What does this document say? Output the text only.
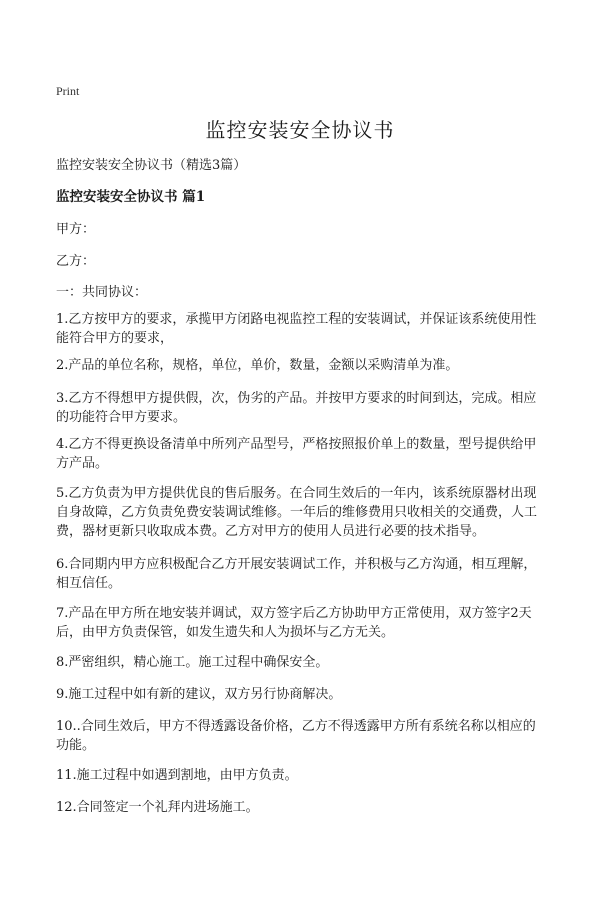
Print
监控安装安全协议书
监控安装安全协议书（精选3篇）
监控安装安全协议书 篇1
甲方：
乙方：
一：共同协议：

1.乙方按甲方的要求，承揽甲方闭路电视监控工程的安装调试，并保证该系统使用性能符合甲方的要求，

2.产品的单位名称，规格，单位，单价，数量，金额以采购清单为准。

3.乙方不得想甲方提供假，次，伪劣的产品。并按甲方要求的时间到达，完成。相应的功能符合甲方要求。

4.乙方不得更换设备清单中所列产品型号，严格按照报价单上的数量，型号提供给甲方产品。

5.乙方负责为甲方提供优良的售后服务。在合同生效后的一年内，该系统原器材出现自身故障，乙方负责免费安装调试维修。一年后的维修费用只收相关的交通费，人工费，器材更新只收取成本费。乙方对甲方的使用人员进行必要的技术指导。

6.合同期内甲方应积极配合乙方开展安装调试工作，并积极与乙方沟通，相互理解，相互信任。

7.产品在甲方所在地安装并调试，双方签字后乙方协助甲方正常使用，双方签字2天后，由甲方负责保管，如发生遗失和人为损坏与乙方无关。

8.严密组织，精心施工。施工过程中确保安全。

9.施工过程中如有新的建议，双方另行协商解决。

10..合同生效后，甲方不得透露设备价格，乙方不得透露甲方所有系统名称以相应的功能。

11.施工过程中如遇到割地，由甲方负责。

12.合同签定一个礼拜内进场施工。
